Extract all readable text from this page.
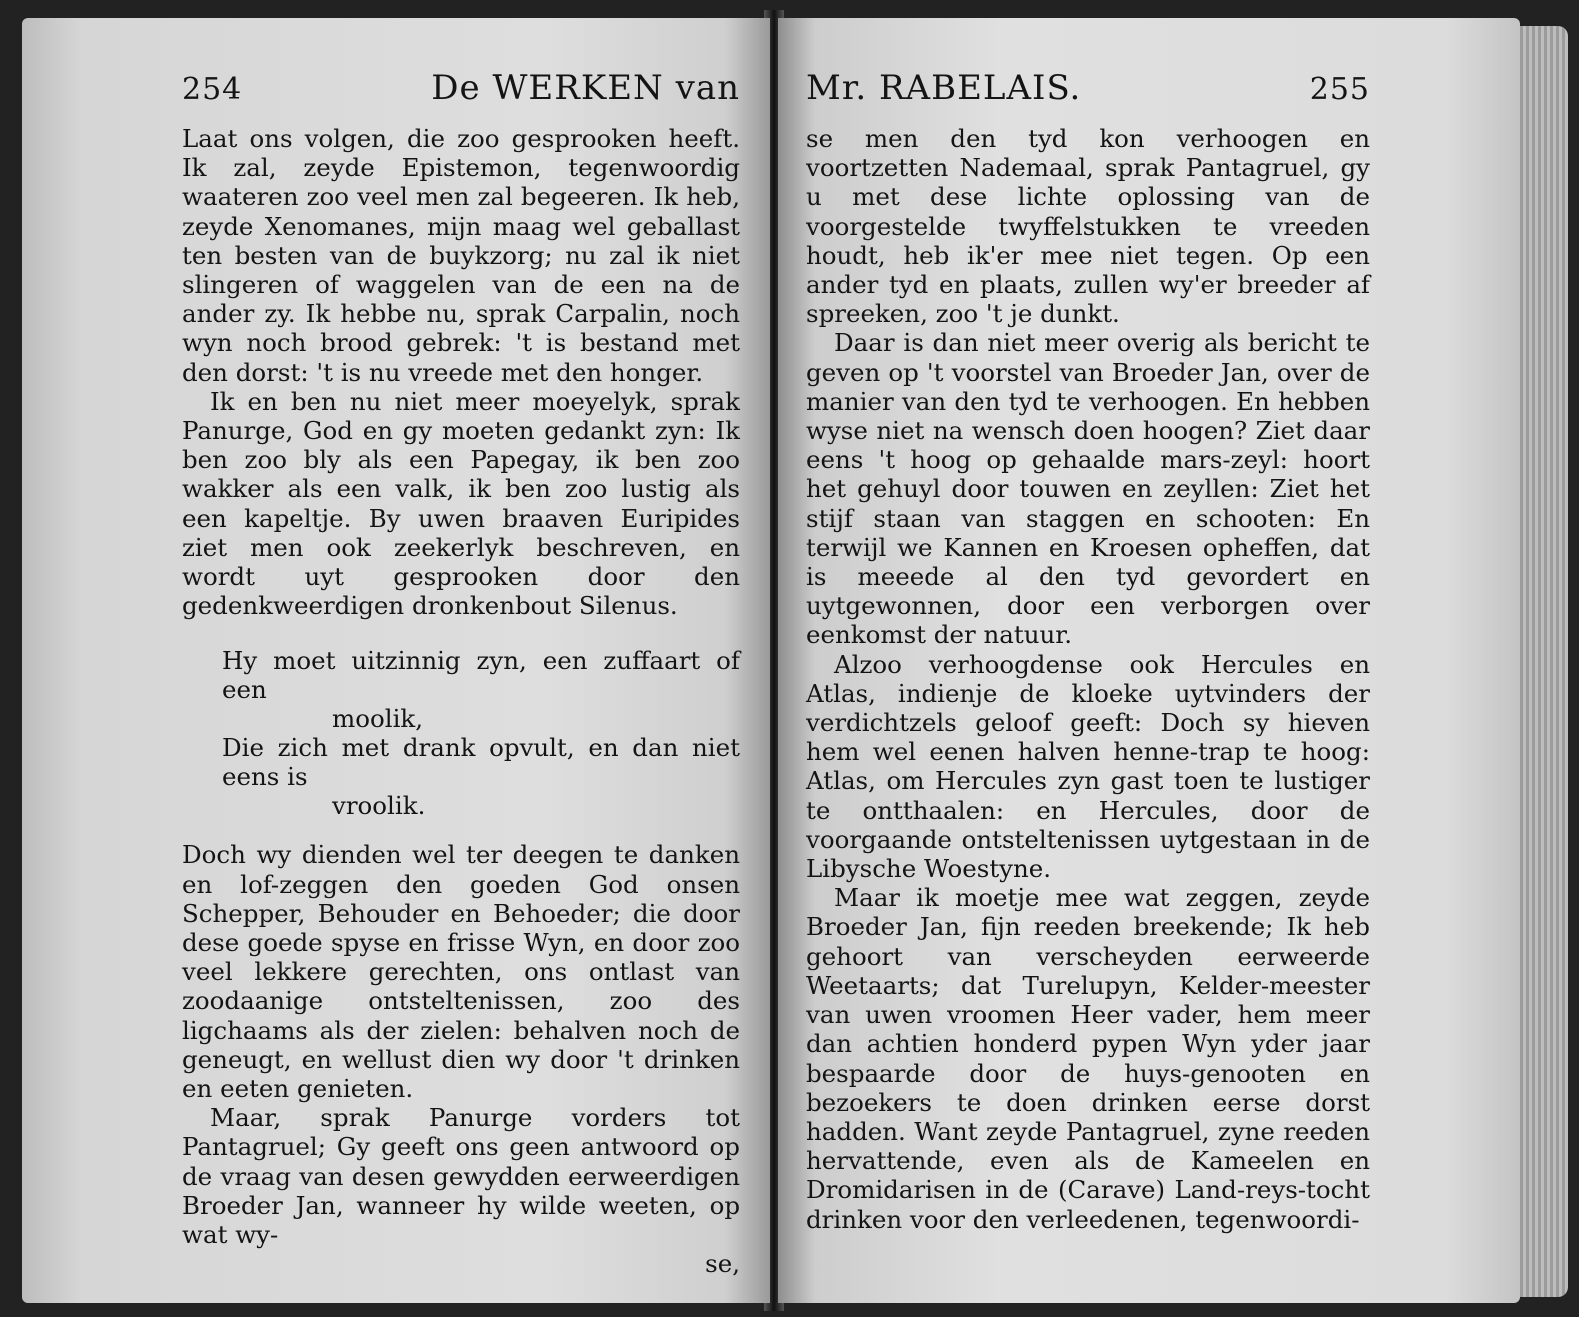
254	De WERKEN van

Laat ons volgen, die zoo gesprooken heeft. Ik zal, zeyde Epistemon, tegenwoordig waateren zoo veel men zal begeeren. Ik heb, zeyde Xenomanes, mijn maag wel geballast ten besten van de buykzorg; nu zal ik niet slingeren of waggelen van de een na de ander zy. Ik hebbe nu, sprak Carpalin, noch wyn noch brood gebrek: 't is bestand met den dorst: 't is nu vreede met den honger.

Ik en ben nu niet meer moeyelyk, sprak Panurge, God en gy moeten gedankt zyn: Ik ben zoo bly als een Papegay, ik ben zoo wakker als een valk, ik ben zoo lustig als een kapeltje. By uwen braaven Euripides ziet men ook zeekerlyk beschreven, en wordt uyt gesprooken door den gedenkweerdigen dronkenbout Silenus.

Hy moet uitzinnig zyn, een zuffaart of een
moolik,
Die zich met drank opvult, en dan niet eens is
vroolik.

Doch wy dienden wel ter deegen te danken en lof-zeggen den goeden God onsen Schepper, Behouder en Behoeder; die door dese goede spyse en frisse Wyn, en door zoo veel lekkere gerechten, ons ontlast van zoodaanige ontsteltenissen, zoo des ligchaams als der zielen: behalven noch de geneugt, en wellust dien wy door 't drinken en eeten genieten.

Maar, sprak Panurge vorders tot Pantagruel; Gy geeft ons geen antwoord op de vraag van desen gewydden eerweerdigen Broeder Jan, wanneer hy wilde weeten, op wat wy-

se,
Mr. RABELAIS.	255

se men den tyd kon verhoogen en voortzetten Nademaal, sprak Pantagruel, gy u met dese lichte oplossing van de voorgestelde twyffelstukken te vreeden houdt, heb ik'er mee niet tegen. Op een ander tyd en plaats, zullen wy'er breeder af spreeken, zoo 't je dunkt.

Daar is dan niet meer overig als bericht te geven op 't voorstel van Broeder Jan, over de manier van den tyd te verhoogen. En hebben wyse niet na wensch doen hoogen? Ziet daar eens 't hoog op gehaalde mars-zeyl: hoort het gehuyl door touwen en zeyllen: Ziet het stijf staan van staggen en schooten: En terwijl we Kannen en Kroesen opheffen, dat is meeede al den tyd gevordert en uytgewonnen, door een verborgen over eenkomst der natuur.

Alzoo verhoogdense ook Hercules en Atlas, indienje de kloeke uytvinders der verdichtzels geloof geeft: Doch sy hieven hem wel eenen halven henne-trap te hoog: Atlas, om Hercules zyn gast toen te lustiger te ontthaalen: en Hercules, door de voorgaande ontsteltenissen uytgestaan in de Libysche Woestyne.

Maar ik moetje mee wat zeggen, zeyde Broeder Jan, fijn reeden breekende; Ik heb gehoort van verscheyden eerweerde Weetaarts; dat Turelupyn, Kelder-meester van uwen vroomen Heer vader, hem meer dan achtien honderd pypen Wyn yder jaar bespaarde door de huys-genooten en bezoekers te doen drinken eerse dorst hadden. Want zeyde Pantagruel, zyne reeden hervattende, even als de Kameelen en Dromidarisen in de (Carave) Land-reys-tocht drinken voor den verleedenen, tegenwoordi-
